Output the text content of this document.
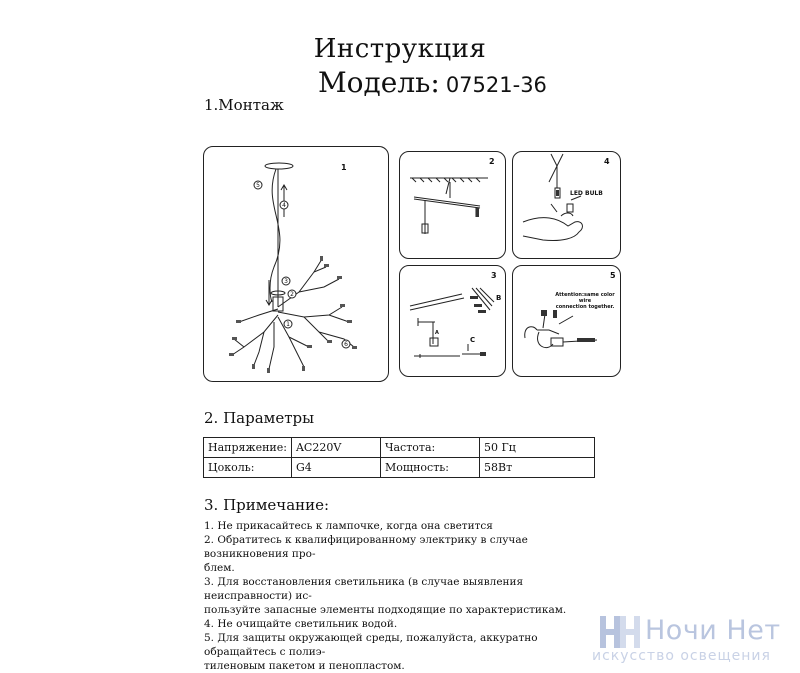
Инструкция
Модель: 07521-36
1.Монтаж
1
5
4
3
2
1
6
2	4
LED BULB
3
B
C
A
5
Attention:same color wire
connection together.
2. Параметры
Напряжение:	AC220V	Частота:	50 Гц
Цоколь:	G4	Мощность:	58Вт
3. Примечание:

1. Не прикасайтесь к лампочке, когда она светится

2. Обратитесь к квалифицированному электрику в случае возникновения про-

блем.

3. Для восстановления светильника (в случае выявления неисправности) ис-

пользуйте запасные элементы подходящие по характеристикам.

4. Не очищайте светильник водой.

5. Для защиты окружающей среды, пожалуйста, аккуратно обращайтесь с полиэ-

тиленовым пакетом и пенопластом.

Ночи Нет
искусство освещения
